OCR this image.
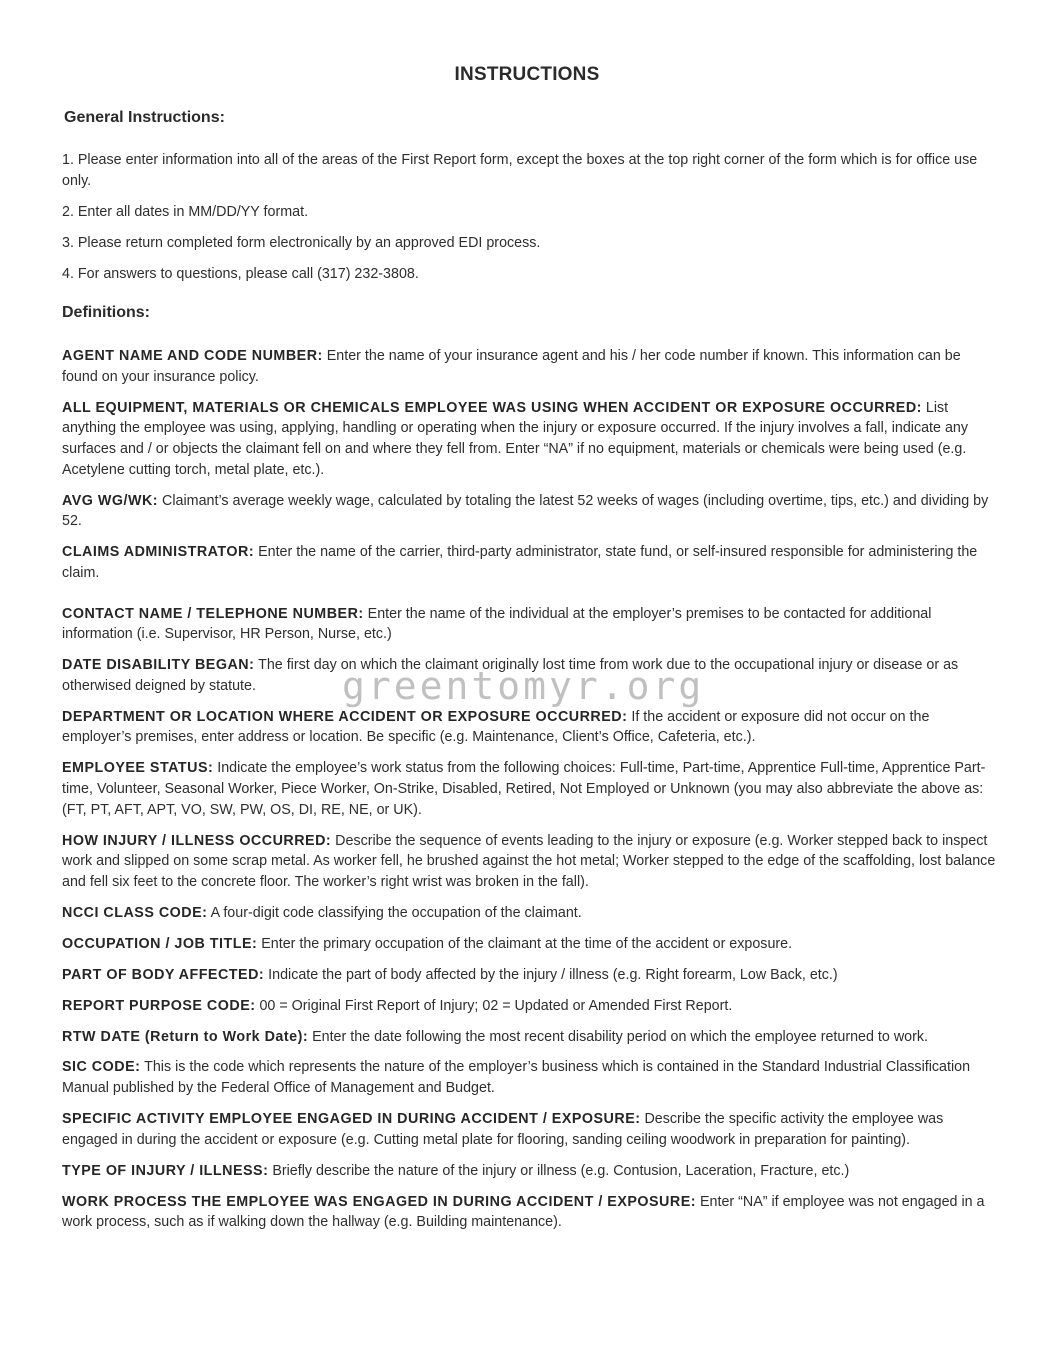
INSTRUCTIONS
General Instructions:

1. Please enter information into all of the areas of the First Report form, except the boxes at the top right corner of the form which is for office use only.

2. Enter all dates in MM/DD/YY format.

3. Please return completed form electronically by an approved EDI process.

4. For answers to questions, please call (317) 232-3808.

Definitions:

AGENT NAME AND CODE NUMBER: Enter the name of your insurance agent and his / her code number if known. This information can be found on your insurance policy.

ALL EQUIPMENT, MATERIALS OR CHEMICALS EMPLOYEE WAS USING WHEN ACCIDENT OR EXPOSURE OCCURRED: List anything the employee was using, applying, handling or operating when the injury or exposure occurred. If the injury involves a fall, indicate any surfaces and / or objects the claimant fell on and where they fell from. Enter “NA” if no equipment, materials or chemicals were being used (e.g. Acetylene cutting torch, metal plate, etc.).

AVG WG/WK: Claimant’s average weekly wage, calculated by totaling the latest 52 weeks of wages (including overtime, tips, etc.) and dividing by 52.

CLAIMS ADMINISTRATOR: Enter the name of the carrier, third-party administrator, state fund, or self-insured responsible for administering the claim.

CONTACT NAME / TELEPHONE NUMBER: Enter the name of the individual at the employer’s premises to be contacted for additional information (i.e. Supervisor, HR Person, Nurse, etc.)

DATE DISABILITY BEGAN: The first day on which the claimant originally lost time from work due to the occupational injury or disease or as otherwised deigned by statute.

DEPARTMENT OR LOCATION WHERE ACCIDENT OR EXPOSURE OCCURRED: If the accident or exposure did not occur on the employer’s premises, enter address or location. Be specific (e.g. Maintenance, Client’s Office, Cafeteria, etc.).

EMPLOYEE STATUS: Indicate the employee’s work status from the following choices: Full-time, Part-time, Apprentice Full-time, Apprentice Part-time, Volunteer, Seasonal Worker, Piece Worker, On-Strike, Disabled, Retired, Not Employed or Unknown (you may also abbreviate the above as: (FT, PT, AFT, APT, VO, SW, PW, OS, DI, RE, NE, or UK).

HOW INJURY / ILLNESS OCCURRED: Describe the sequence of events leading to the injury or exposure (e.g. Worker stepped back to inspect work and slipped on some scrap metal. As worker fell, he brushed against the hot metal; Worker stepped to the edge of the scaffolding, lost balance and fell six feet to the concrete floor. The worker’s right wrist was broken in the fall).

NCCI CLASS CODE: A four-digit code classifying the occupation of the claimant.

OCCUPATION / JOB TITLE: Enter the primary occupation of the claimant at the time of the accident or exposure.

PART OF BODY AFFECTED: Indicate the part of body affected by the injury / illness (e.g. Right forearm, Low Back, etc.)

REPORT PURPOSE CODE: 00 = Original First Report of Injury; 02 = Updated or Amended First Report.

RTW DATE (Return to Work Date): Enter the date following the most recent disability period on which the employee returned to work.

SIC CODE: This is the code which represents the nature of the employer’s business which is contained in the Standard Industrial Classification Manual published by the Federal Office of Management and Budget.

SPECIFIC ACTIVITY EMPLOYEE ENGAGED IN DURING ACCIDENT / EXPOSURE: Describe the specific activity the employee was engaged in during the accident or exposure (e.g. Cutting metal plate for flooring, sanding ceiling woodwork in preparation for painting).

TYPE OF INJURY / ILLNESS: Briefly describe the nature of the injury or illness (e.g. Contusion, Laceration, Fracture, etc.)

WORK PROCESS THE EMPLOYEE WAS ENGAGED IN DURING ACCIDENT / EXPOSURE: Enter “NA” if employee was not engaged in a work process, such as if walking down the hallway (e.g. Building maintenance).

greentomyr.org
